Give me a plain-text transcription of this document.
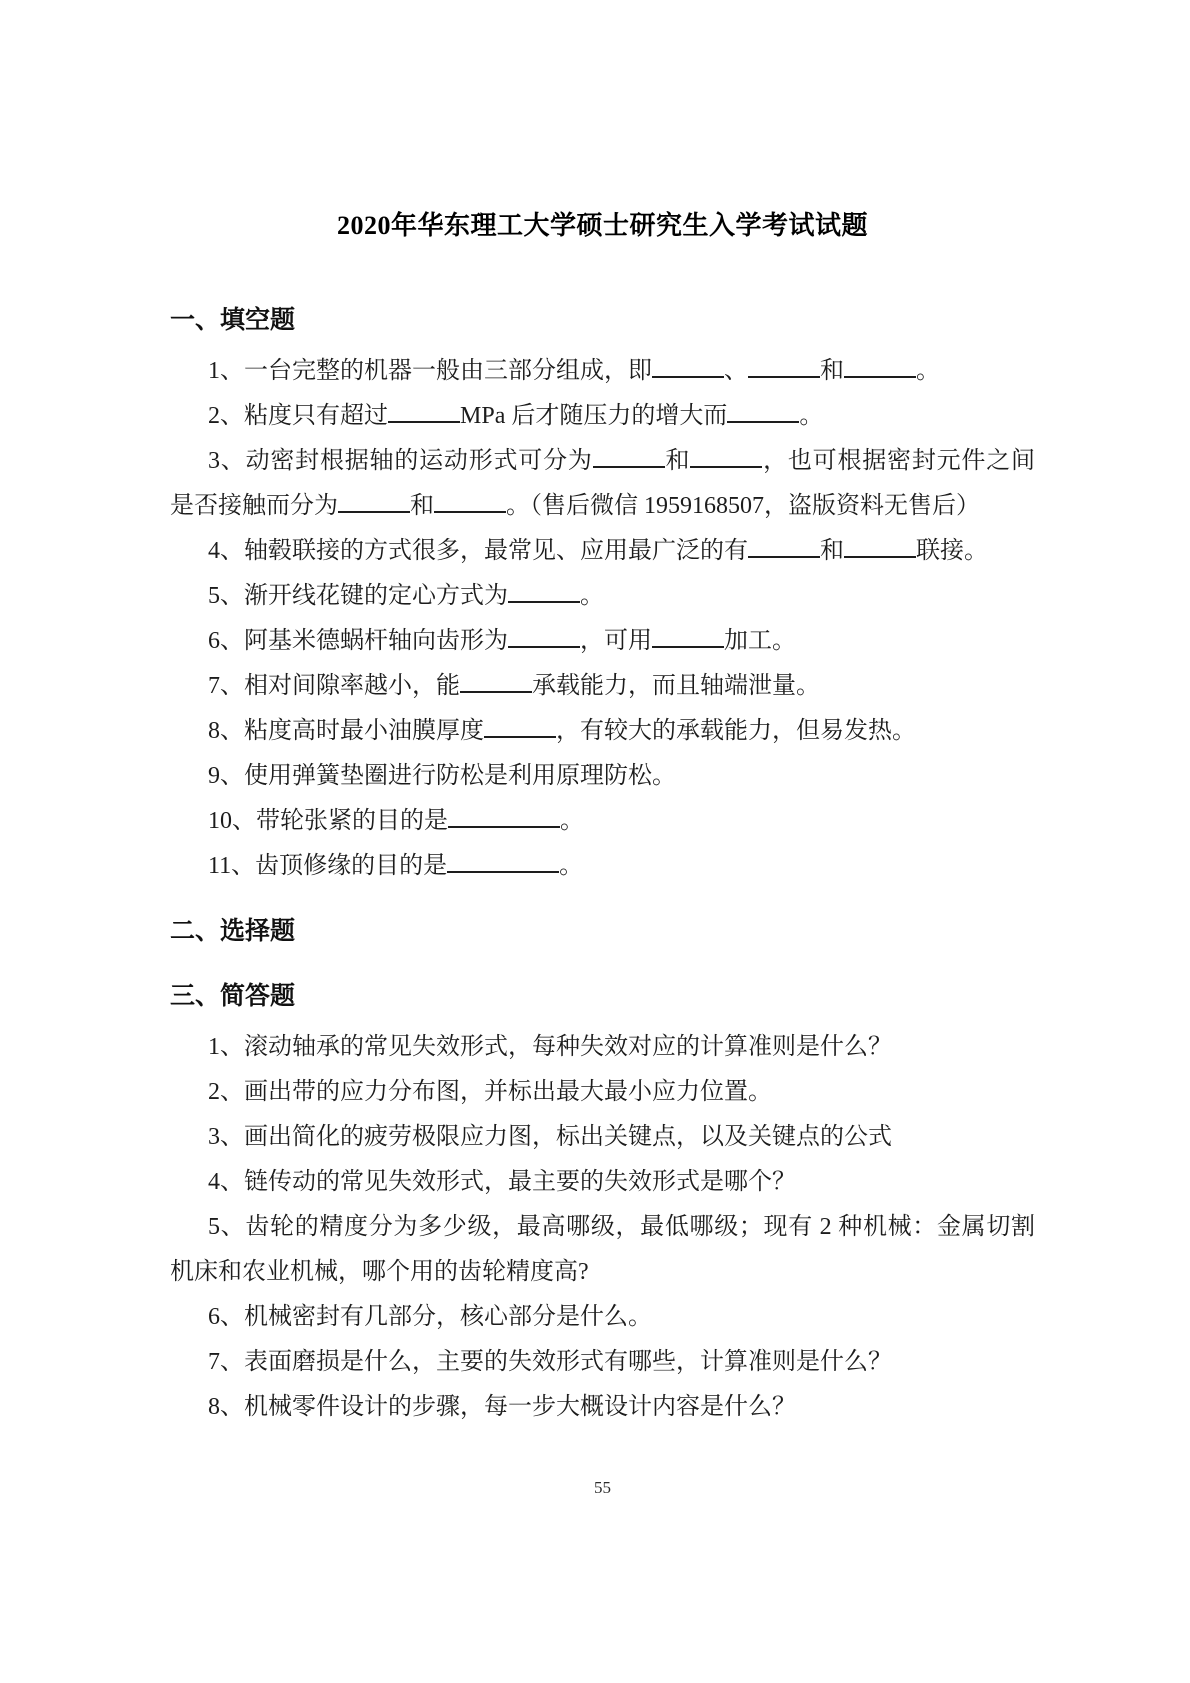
2020年华东理工大学硕士研究生入学考试试题
一、填空题

1、一台完整的机器一般由三部分组成，即	、	和	。

2、粘度只有超过	MPa 后才随压力的增大而	。

3、动密封根据轴的运动形式可分为	和	，也可根据密封元件之间是否接触而分为	和	。（售后微信 1959168507，盗版资料无售后）

4、轴毂联接的方式很多，最常见、应用最广泛的有	和	联接。

5、渐开线花键的定心方式为	。

6、阿基米德蜗杆轴向齿形为	，可用	加工。

7、相对间隙率越小，能	承载能力，而且轴端泄量。

8、粘度高时最小油膜厚度	，有较大的承载能力，但易发热。

9、使用弹簧垫圈进行防松是利用原理防松。

10、带轮张紧的目的是	。

11、齿顶修缘的目的是	。

二、选择题
三、简答题

1、滚动轴承的常见失效形式，每种失效对应的计算准则是什么？

2、画出带的应力分布图，并标出最大最小应力位置。

3、画出简化的疲劳极限应力图，标出关键点，以及关键点的公式

4、链传动的常见失效形式，最主要的失效形式是哪个？

5、齿轮的精度分为多少级，最高哪级，最低哪级；现有 2 种机械：金属切割机床和农业机械，哪个用的齿轮精度高?

6、机械密封有几部分，核心部分是什么。

7、表面磨损是什么，主要的失效形式有哪些，计算准则是什么？

8、机械零件设计的步骤，每一步大概设计内容是什么？

55
